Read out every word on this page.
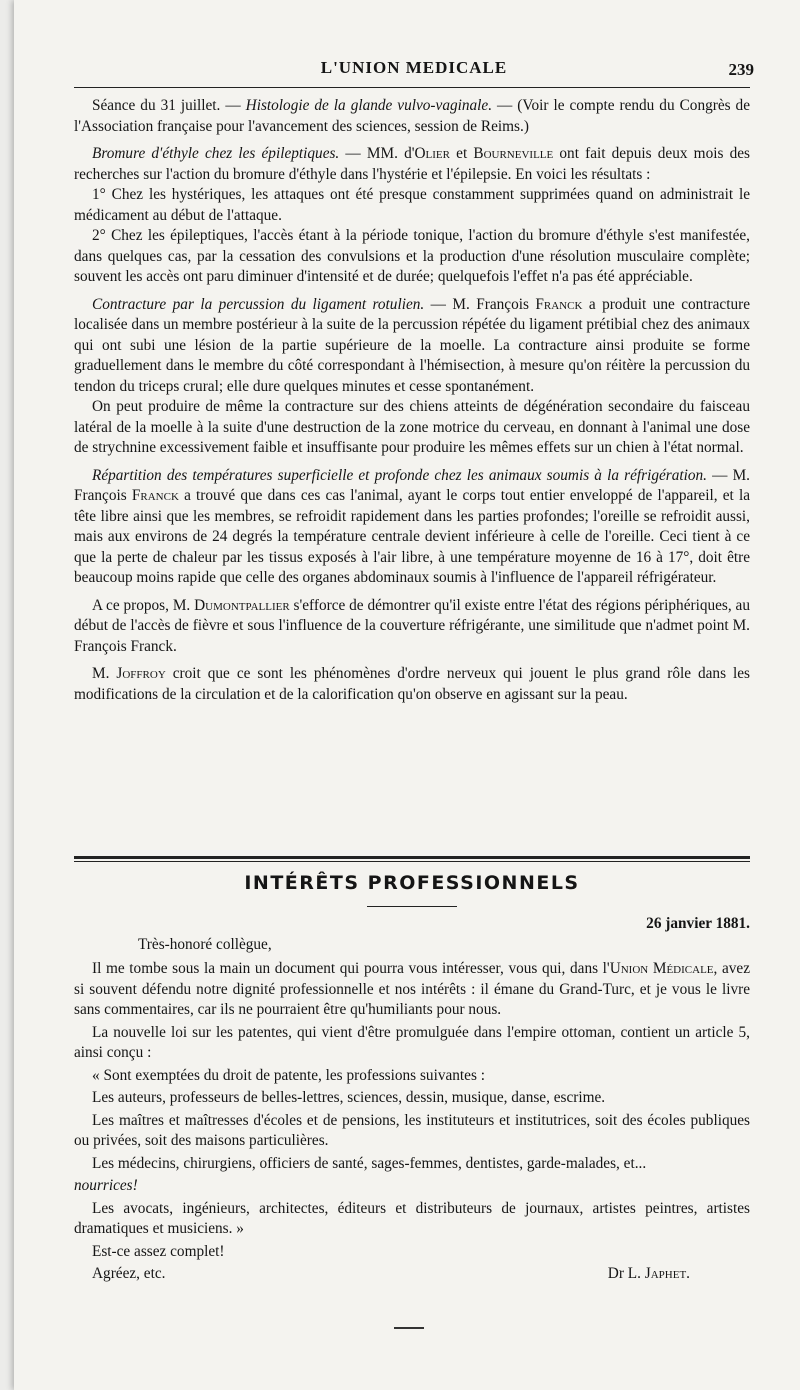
L'UNION MEDICALE	239

Séance du 31 juillet. — Histologie de la glande vulvo-vaginale. — (Voir le compte rendu du Congrès de l'Association française pour l'avancement des sciences, session de Reims.)

Bromure d'éthyle chez les épileptiques. — MM. d'Olier et Bourneville ont fait depuis deux mois des recherches sur l'action du bromure d'éthyle dans l'hystérie et l'épilepsie. En voici les résultats :

1° Chez les hystériques, les attaques ont été presque constamment supprimées quand on administrait le médicament au début de l'attaque.

2° Chez les épileptiques, l'accès étant à la période tonique, l'action du bromure d'éthyle s'est manifestée, dans quelques cas, par la cessation des convulsions et la production d'une résolution musculaire complète; souvent les accès ont paru diminuer d'intensité et de durée; quelquefois l'effet n'a pas été appréciable.

Contracture par la percussion du ligament rotulien. — M. François Franck a produit une contracture localisée dans un membre postérieur à la suite de la percussion répétée du ligament prétibial chez des animaux qui ont subi une lésion de la partie supérieure de la moelle. La contracture ainsi produite se forme graduellement dans le membre du côté correspondant à l'hémisection, à mesure qu'on réitère la percussion du tendon du triceps crural; elle dure quelques minutes et cesse spontanément.

On peut produire de même la contracture sur des chiens atteints de dégénération secondaire du faisceau latéral de la moelle à la suite d'une destruction de la zone motrice du cerveau, en donnant à l'animal une dose de strychnine excessivement faible et insuffisante pour produire les mêmes effets sur un chien à l'état normal.

Répartition des températures superficielle et profonde chez les animaux soumis à la réfrigération. — M. François Franck a trouvé que dans ces cas l'animal, ayant le corps tout entier enveloppé de l'appareil, et la tête libre ainsi que les membres, se refroidit rapidement dans les parties profondes; l'oreille se refroidit aussi, mais aux environs de 24 degrés la température centrale devient inférieure à celle de l'oreille. Ceci tient à ce que la perte de chaleur par les tissus exposés à l'air libre, à une température moyenne de 16 à 17°, doit être beaucoup moins rapide que celle des organes abdominaux soumis à l'influence de l'appareil réfrigérateur.

A ce propos, M. Dumontpallier s'efforce de démontrer qu'il existe entre l'état des régions périphériques, au début de l'accès de fièvre et sous l'influence de la couverture réfrigérante, une similitude que n'admet point M. François Franck.

M. Joffroy croit que ce sont les phénomènes d'ordre nerveux qui jouent le plus grand rôle dans les modifications de la circulation et de la calorification qu'on observe en agissant sur la peau.

INTÉRÊTS PROFESSIONNELS

26 janvier 1881.

Très-honoré collègue,

Il me tombe sous la main un document qui pourra vous intéresser, vous qui, dans l'Union Médicale, avez si souvent défendu notre dignité professionnelle et nos intérêts : il émane du Grand-Turc, et je vous le livre sans commentaires, car ils ne pourraient être qu'humiliants pour nous.

La nouvelle loi sur les patentes, qui vient d'être promulguée dans l'empire ottoman, contient un article 5, ainsi conçu :

« Sont exemptées du droit de patente, les professions suivantes :

Les auteurs, professeurs de belles-lettres, sciences, dessin, musique, danse, escrime.

Les maîtres et maîtresses d'écoles et de pensions, les instituteurs et institutrices, soit des écoles publiques ou privées, soit des maisons particulières.

Les médecins, chirurgiens, officiers de santé, sages-femmes, dentistes, garde-malades, et...

nourrices!

Les avocats, ingénieurs, architectes, éditeurs et distributeurs de journaux, artistes peintres, artistes dramatiques et musiciens. »

Est-ce assez complet!

Agréez, etc.	Dr L. Japhet.
